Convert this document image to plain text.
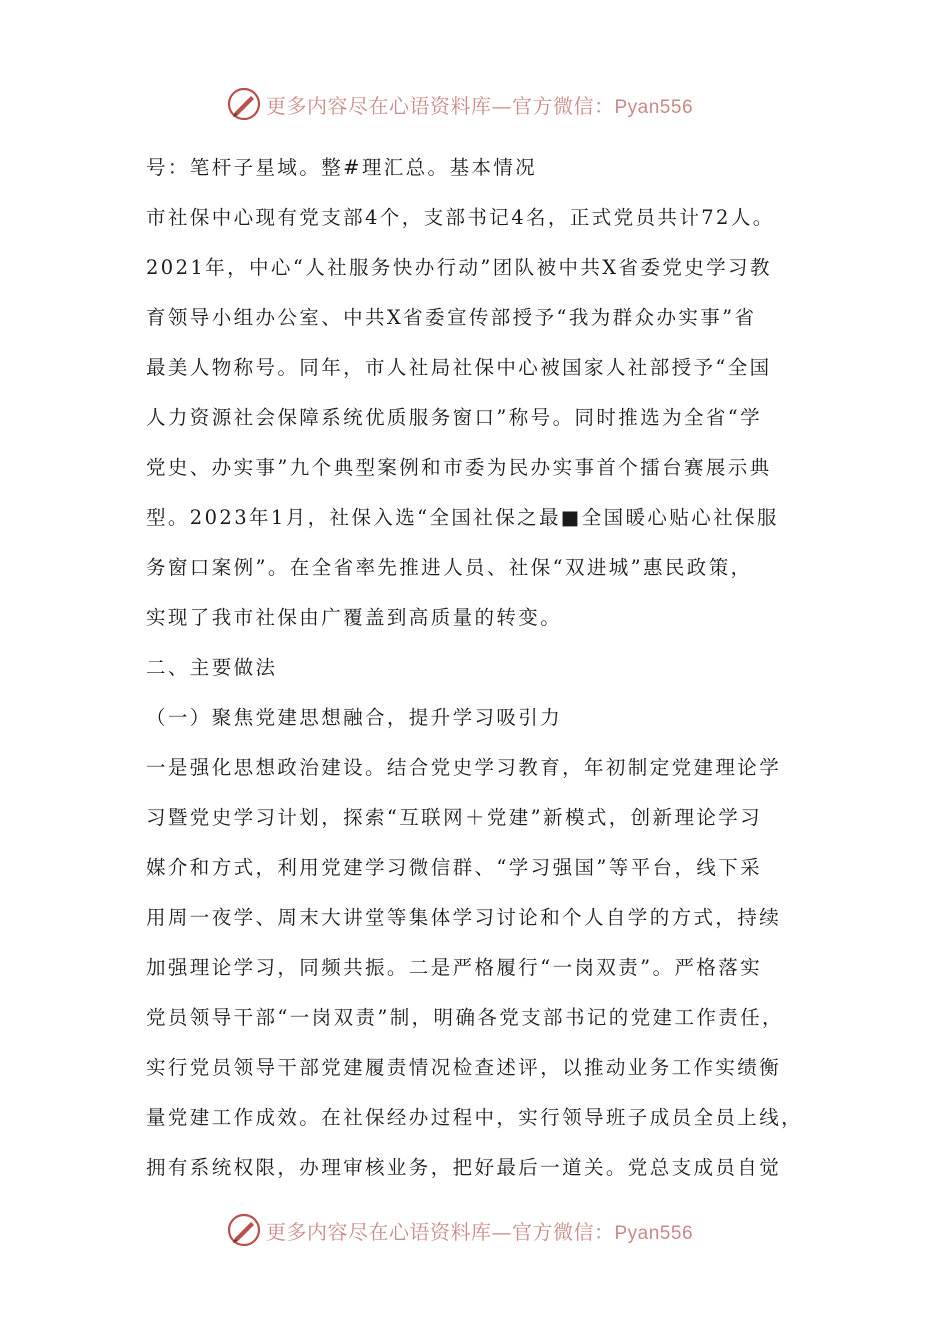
更多内容尽在心语资料库—官方微信：Pyan556
号：笔杆子星域。整#理汇总。基本情况
市社保中心现有党支部4个，支部书记4名，正式党员共计72人。
2021年，中心“人社服务快办行动”团队被中共X省委党史学习教
育领导小组办公室、中共X省委宣传部授予“我为群众办实事”省
最美人物称号。同年，市人社局社保中心被国家人社部授予“全国
人力资源社会保障系统优质服务窗口”称号。同时推选为全省“学
党史、办实事”九个典型案例和市委为民办实事首个擂台赛展示典
型。2023年1月，社保入选“全国社保之最■全国暖心贴心社保服
务窗口案例”。在全省率先推进人员、社保“双进城”惠民政策，
实现了我市社保由广覆盖到高质量的转变。
二、主要做法
（一）聚焦党建思想融合，提升学习吸引力
一是强化思想政治建设。结合党史学习教育，年初制定党建理论学
习暨党史学习计划，探索“互联网＋党建”新模式，创新理论学习
媒介和方式，利用党建学习微信群、“学习强国”等平台，线下采
用周一夜学、周末大讲堂等集体学习讨论和个人自学的方式，持续
加强理论学习，同频共振。二是严格履行“一岗双责”。严格落实
党员领导干部“一岗双责”制，明确各党支部书记的党建工作责任，
实行党员领导干部党建履责情况检查述评，以推动业务工作实绩衡
量党建工作成效。在社保经办过程中，实行领导班子成员全员上线，
拥有系统权限，办理审核业务，把好最后一道关。党总支成员自觉
更多内容尽在心语资料库—官方微信：Pyan556
